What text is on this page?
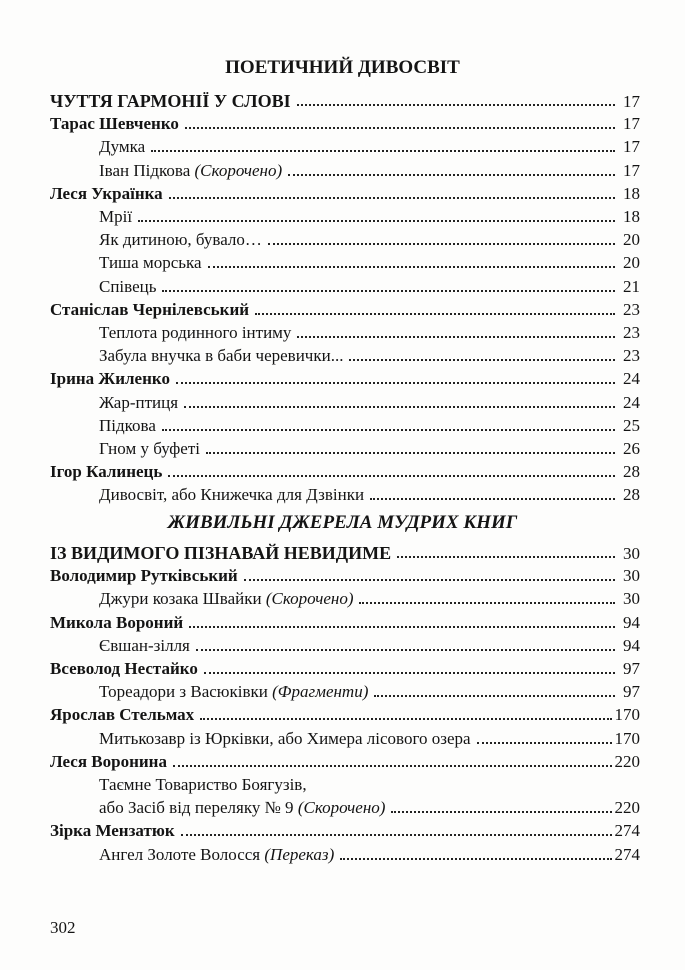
ПОЕТИЧНИЙ ДИВОСВІТ
ЧУТТЯ ГАРМОНІЇ У СЛОВІ	17
Тарас Шевченко	17
Думка	17
Іван Підкова (Скорочено)	17
Леся Українка	18
Мрії	18
Як дитиною, бувало…	20
Тиша морська	20
Співець	21
Станіслав Чернілевський	23
Теплота родинного інтиму	23
Забула внучка в баби черевички...	23
Ірина Жиленко	24
Жар-птиця	24
Підкова	25
Гном у буфеті	26
Ігор Калинець	28
Дивосвіт, або Книжечка для Дзвінки	28
ЖИВИЛЬНІ ДЖЕРЕЛА МУДРИХ КНИГ
ІЗ ВИДИМОГО ПІЗНАВАЙ НЕВИДИМЕ	30
Володимир Рутківський	30
Джури козака Швайки (Скорочено)	30
Микола Вороний	94
Євшан-зілля	94
Всеволод Нестайко	97
Тореадори з Васюківки (Фрагменти)	97
Ярослав Стельмах	170
Митькозавр із Юрківки, або Химера лісового озера	170
Леся Воронина	220
Таємне Товариство Боягузів,
або Засіб від переляку № 9 (Скорочено)	220
Зірка Мензатюк	274
Ангел Золоте Волосся (Переказ)	274
302
